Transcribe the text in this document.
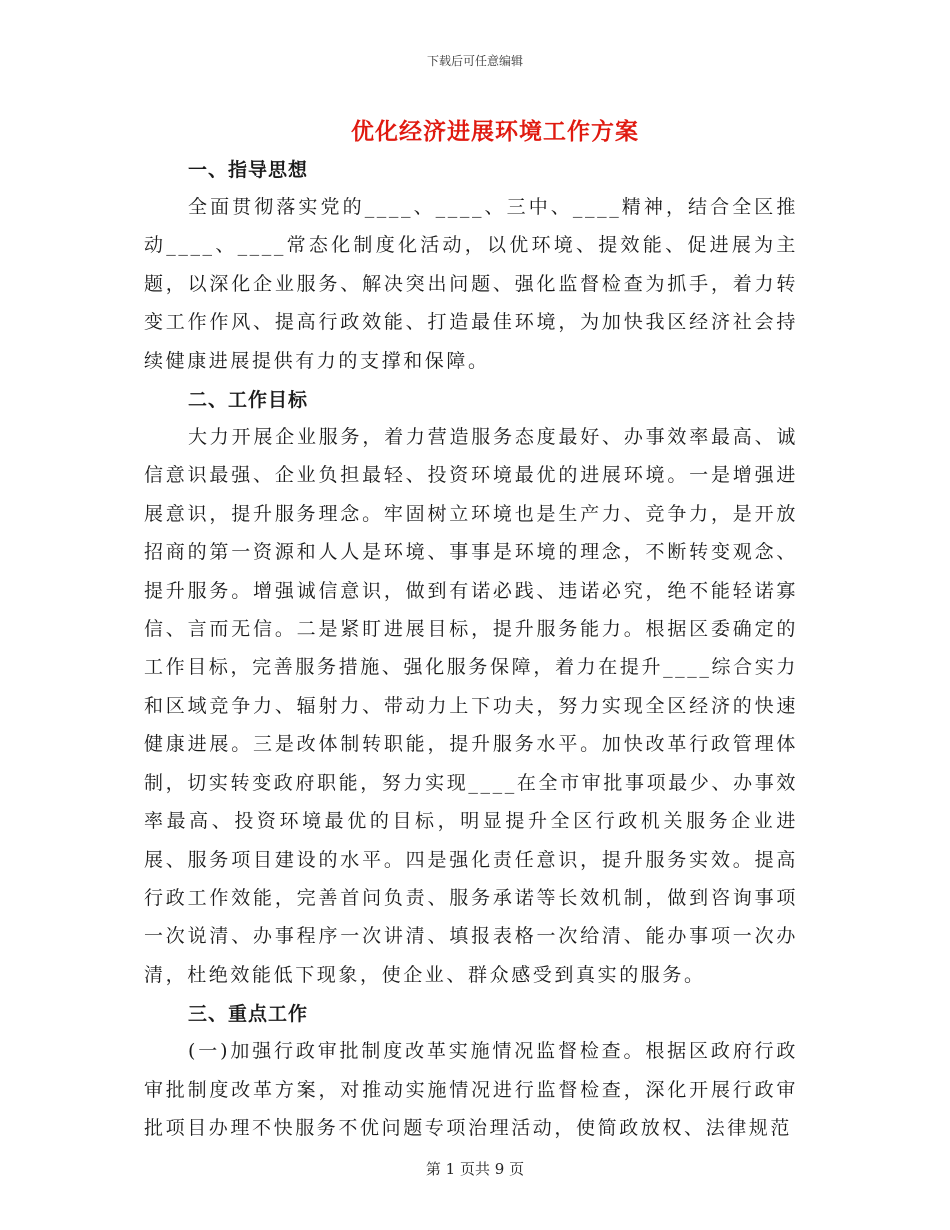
下载后可任意编辑
优化经济进展环境工作方案
一、指导思想

全面贯彻落实党的____、____、三中、____精神，结合全区推动____、____常态化制度化活动，以优环境、提效能、促进展为主题，以深化企业服务、解决突出问题、强化监督检查为抓手，着力转变工作作风、提高行政效能、打造最佳环境，为加快我区经济社会持续健康进展提供有力的支撑和保障。

二、工作目标

大力开展企业服务，着力营造服务态度最好、办事效率最高、诚信意识最强、企业负担最轻、投资环境最优的进展环境。一是增强进展意识，提升服务理念。牢固树立环境也是生产力、竞争力，是开放招商的第一资源和人人是环境、事事是环境的理念，不断转变观念、提升服务。增强诚信意识，做到有诺必践、违诺必究，绝不能轻诺寡信、言而无信。二是紧盯进展目标，提升服务能力。根据区委确定的工作目标，完善服务措施、强化服务保障，着力在提升____综合实力和区域竞争力、辐射力、带动力上下功夫，努力实现全区经济的快速健康进展。三是改体制转职能，提升服务水平。加快改革行政管理体制，切实转变政府职能，努力实现____在全市审批事项最少、办事效率最高、投资环境最优的目标，明显提升全区行政机关服务企业进展、服务项目建设的水平。四是强化责任意识，提升服务实效。提高行政工作效能，完善首问负责、服务承诺等长效机制，做到咨询事项一次说清、办事程序一次讲清、填报表格一次给清、能办事项一次办清，杜绝效能低下现象，使企业、群众感受到真实的服务。

三、重点工作

(一)加强行政审批制度改革实施情况监督检查。根据区政府行政审批制度改革方案，对推动实施情况进行监督检查，深化开展行政审批项目办理不快服务不优问题专项治理活动，使简政放权、法律规范

第 1 页共 9 页
